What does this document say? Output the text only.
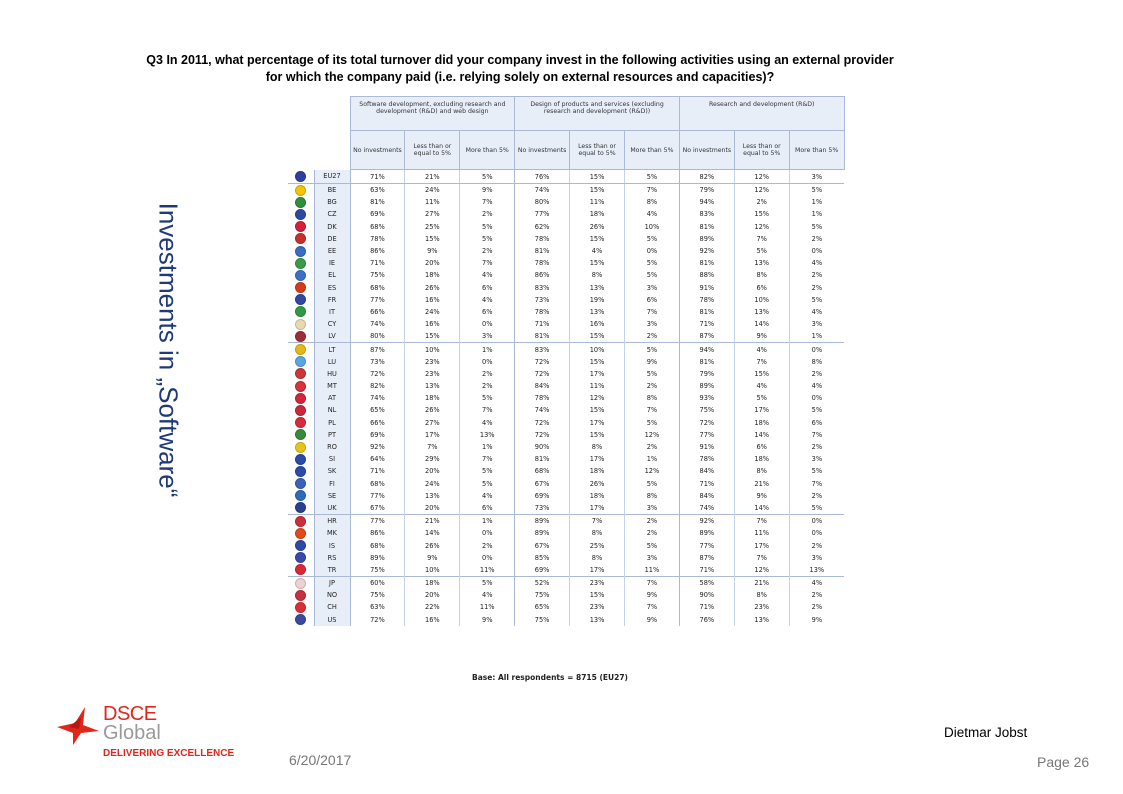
Q3 In 2011, what percentage of its total turnover did your company invest in the following activities using an external provider
for which the company paid (i.e. relying solely on external resources and capacities)?
Investments in „Software“
		Software development, excluding research and development (R&D) and web design			Design of products and services (excluding research and development (R&D))			Research and development (R&D)		
		No investments	Less than or equal to 5%	More than 5%	No investments	Less than or equal to 5%	More than 5%	No investments	Less than or equal to 5%	More than 5%
	EU27	71%	21%	5%	76%	15%	5%	82%	12%	3%
	BE	63%	24%	9%	74%	15%	7%	79%	12%	5%
	BG	81%	11%	7%	80%	11%	8%	94%	2%	1%
	CZ	69%	27%	2%	77%	18%	4%	83%	15%	1%
	DK	68%	25%	5%	62%	26%	10%	81%	12%	5%
	DE	78%	15%	5%	78%	15%	5%	89%	7%	2%
	EE	86%	9%	2%	81%	4%	0%	92%	5%	0%
	IE	71%	20%	7%	78%	15%	5%	81%	13%	4%
	EL	75%	18%	4%	86%	8%	5%	88%	8%	2%
	ES	68%	26%	6%	83%	13%	3%	91%	6%	2%
	FR	77%	16%	4%	73%	19%	6%	78%	10%	5%
	IT	66%	24%	6%	78%	13%	7%	81%	13%	4%
	CY	74%	16%	0%	71%	16%	3%	71%	14%	3%
	LV	80%	15%	3%	81%	15%	2%	87%	9%	1%
	LT	87%	10%	1%	83%	10%	5%	94%	4%	0%
	LU	73%	23%	0%	72%	15%	9%	81%	7%	8%
	HU	72%	23%	2%	72%	17%	5%	79%	15%	2%
	MT	82%	13%	2%	84%	11%	2%	89%	4%	4%
	AT	74%	18%	5%	78%	12%	8%	93%	5%	0%
	NL	65%	26%	7%	74%	15%	7%	75%	17%	5%
	PL	66%	27%	4%	72%	17%	5%	72%	18%	6%
	PT	69%	17%	13%	72%	15%	12%	77%	14%	7%
	RO	92%	7%	1%	90%	8%	2%	91%	6%	2%
	SI	64%	29%	7%	81%	17%	1%	78%	18%	3%
	SK	71%	20%	5%	68%	18%	12%	84%	8%	5%
	FI	68%	24%	5%	67%	26%	5%	71%	21%	7%
	SE	77%	13%	4%	69%	18%	8%	84%	9%	2%
	UK	67%	20%	6%	73%	17%	3%	74%	14%	5%
	HR	77%	21%	1%	89%	7%	2%	92%	7%	0%
	MK	86%	14%	0%	89%	8%	2%	89%	11%	0%
	IS	68%	26%	2%	67%	25%	5%	77%	17%	2%
	RS	89%	9%	0%	85%	8%	3%	87%	7%	3%
	TR	75%	10%	11%	69%	17%	11%	71%	12%	13%
	JP	60%	18%	5%	52%	23%	7%	58%	21%	4%
	NO	75%	20%	4%	75%	15%	9%	90%	8%	2%
	CH	63%	22%	11%	65%	23%	7%	71%	23%	2%
	US	72%	16%	9%	75%	13%	9%	76%	13%	9%
Base: All respondents = 8715 (EU27)
DSCE
Global
DELIVERING EXCELLENCE	6/20/2017
Dietmar Jobst
Page 26
